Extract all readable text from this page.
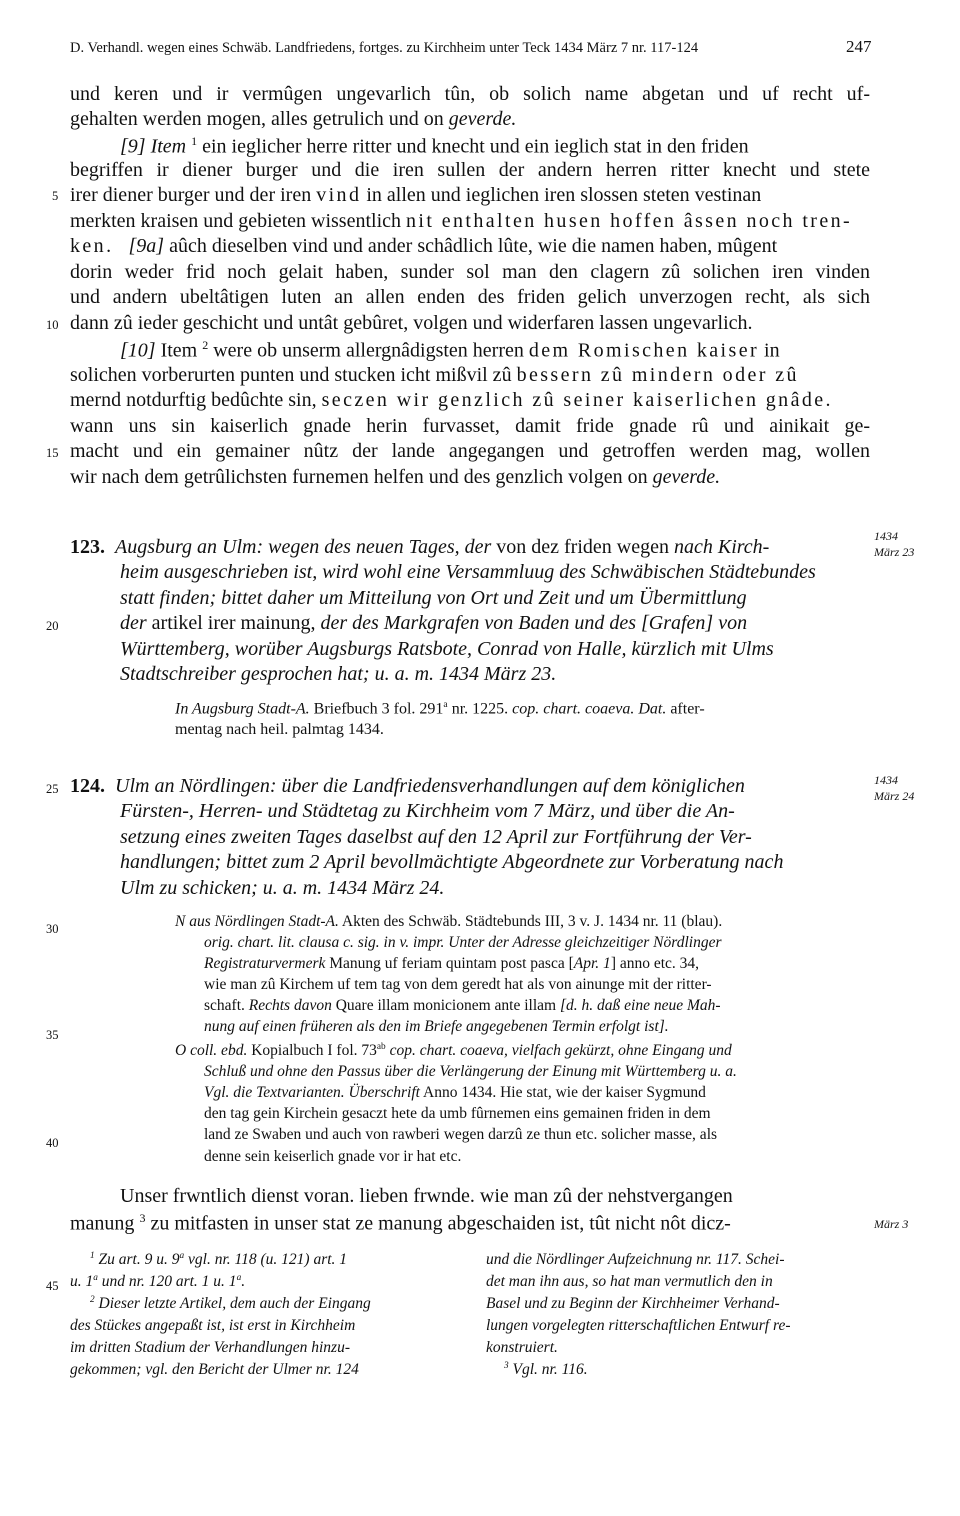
D. Verhandl. wegen eines Schwäb. Landfriedens, fortges. zu Kirchheim unter Teck 1434 März 7 nr. 117-124	247
und keren und ir vermûgen ungevarlich tûn, ob solich name abgetan und uf recht uf-
gehalten werden mogen, alles getrulich und on geverde.
[9] Item $^1$ ein ieglicher herre ritter und knecht und ein ieglich stat in den friden
begriffen ir diener burger und die iren sullen der andern herren ritter knecht und stete
5 irer diener burger und der iren vind in allen und ieglichen iren slossen steten vestinan
merkten kraisen und gebieten wissentlich nit enthalten husen hoffen âssen noch tren-
ken. [9a] aûch dieselben vind und ander schâdlich lûte, wie die namen haben, mûgent
dorin weder frid noch gelait haben, sunder sol man den clagern zû solichen iren vinden
und andern ubeltâtigen luten an allen enden des friden gelich unverzogen recht, als sich
10 dann zû ieder geschicht und untât gebûret, volgen und widerfaren lassen ungevarlich.
[10] Item $^2$ were ob unserm allergnâdigsten herren dem Romischen kaiser in
solichen vorberurten punten und stucken icht mißvil zû bessern zû mindern oder zû
mernd notdurftig bedûchte sin, seczen wir genzlich zû seiner kaiserlichen gnâde.
wann uns sin kaiserlich gnade herin furvasset, damit fride gnade rû und ainikait ge-
15 macht und ein gemainer nûtz der lande angegangen und getroffen werden mag, wollen
wir nach dem getrûlichsten furnemen helfen und des genzlich volgen on geverde.
123. Augsburg an Ulm: wegen des neuen Tages, der von dez friden wegen nach Kirch-	1434
März 23
heim ausgeschrieben ist, wird wohl eine Versammluug des Schwäbischen Städtebundes
statt finden; bittet daher um Mitteilung von Ort und Zeit und um Übermittlung
20	der artikel irer mainung, der des Markgrafen von Baden und des [Grafen] von
Württemberg, worüber Augsburgs Ratsbote, Conrad von Halle, kürzlich mit Ulms
Stadtschreiber gesprochen hat; u. a. m. 1434 März 23.
In Augsburg Stadt-A. Briefbuch 3 fol. 291$^a$ nr. 1225. cop. chart. coaeva. Dat. after-
mentag nach heil. palmtag 1434.
25 124. Ulm an Nördlingen: über die Landfriedensverhandlungen auf dem königlichen	1434
März 24
Fürsten-, Herren- und Städtetag zu Kirchheim vom 7 März, und über die An-
setzung eines zweiten Tages daselbst auf den 12 April zur Fortführung der Ver-
handlungen; bittet zum 2 April bevollmächtigte Abgeordnete zur Vorberatung nach
Ulm zu schicken; u. a. m. 1434 März 24.
30	N aus Nördlingen Stadt-A. Akten des Schwäb. Städtebunds III, 3 v. J. 1434 nr. 11 (blau).
orig. chart. lit. clausa c. sig. in v. impr. Unter der Adresse gleichzeitiger Nördlinger
Registraturvermerk Manung uf feriam quintam post pasca [Apr. 1] anno etc. 34,
wie man zû Kirchem uf tem tag von dem geredt hat als von ainunge mit der ritter-
schaft. Rechts davon Quare illam monicionem ante illam [d. h. daß eine neue Mah-
35	nung auf einen früheren als den im Briefe angegebenen Termin erfolgt ist].
O coll. ebd. Kopialbuch I fol. $73^{ab}$ cop. chart. coaeva, vielfach gekürzt, ohne Eingang und
Schluß und ohne den Passus über die Verlängerung der Einung mit Württemberg u. a.
Vgl. die Textvarianten. Überschrift Anno 1434. Hie stat, wie der kaiser Sygmund
den tag gein Kirchein gesaczt hete da umb fûrnemen eins gemainen friden in dem
40	land ze Swaben und auch von rawberi wegen darzû ze thun etc. solicher masse, als
denne sein keiserlich gnade vor ir hat etc.
Unser frwntlich dienst voran. lieben frwnde. wie man zû der nehstvergangen
manung $^3$ zu mitfasten in unser stat ze manung abgeschaiden ist, tût nicht nôt dicz-	März 3
$^1$ Zu art. 9 u. 9$^a$ vgl. nr. 118 (u. 121) art. 1
45 u. 1$^a$ und nr. 120 art. 1 u. 1$^a$.
$^2$ Dieser letzte Artikel, dem auch der Eingang
des Stückes angepaßt ist, ist erst in Kirchheim
im dritten Stadium der Verhandlungen hinzu-
gekommen; vgl. den Bericht der Ulmer nr. 124
und die Nördlinger Aufzeichnung nr. 117. Schei-
det man ihn aus, so hat man vermutlich den in
Basel und zu Beginn der Kirchheimer Verhand-
lungen vorgelegten ritterschaftlichen Entwurf re-
konstruiert.
$^3$ Vgl. nr. 116.
